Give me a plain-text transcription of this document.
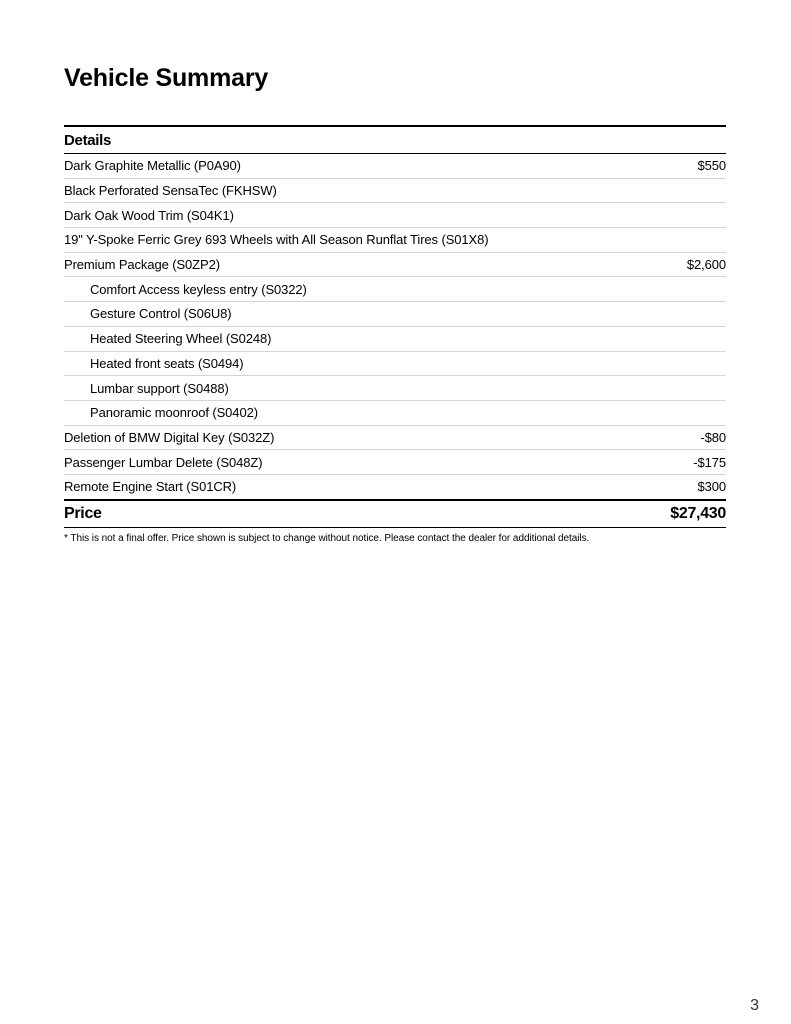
Vehicle Summary
Details
Dark Graphite Metallic (P0A90)	$550
Black Perforated SensaTec (FKHSW)
Dark Oak Wood Trim (S04K1)
19" Y-Spoke Ferric Grey 693 Wheels with All Season Runflat Tires (S01X8)
Premium Package (S0ZP2)	$2,600
Comfort Access keyless entry (S0322)
Gesture Control (S06U8)
Heated Steering Wheel (S0248)
Heated front seats (S0494)
Lumbar support (S0488)
Panoramic moonroof (S0402)
Deletion of BMW Digital Key (S032Z)	-$80
Passenger Lumbar Delete (S048Z)	-$175
Remote Engine Start (S01CR)	$300
Price	$27,430
* This is not a final offer. Price shown is subject to change without notice. Please contact the dealer for additional details.
3
